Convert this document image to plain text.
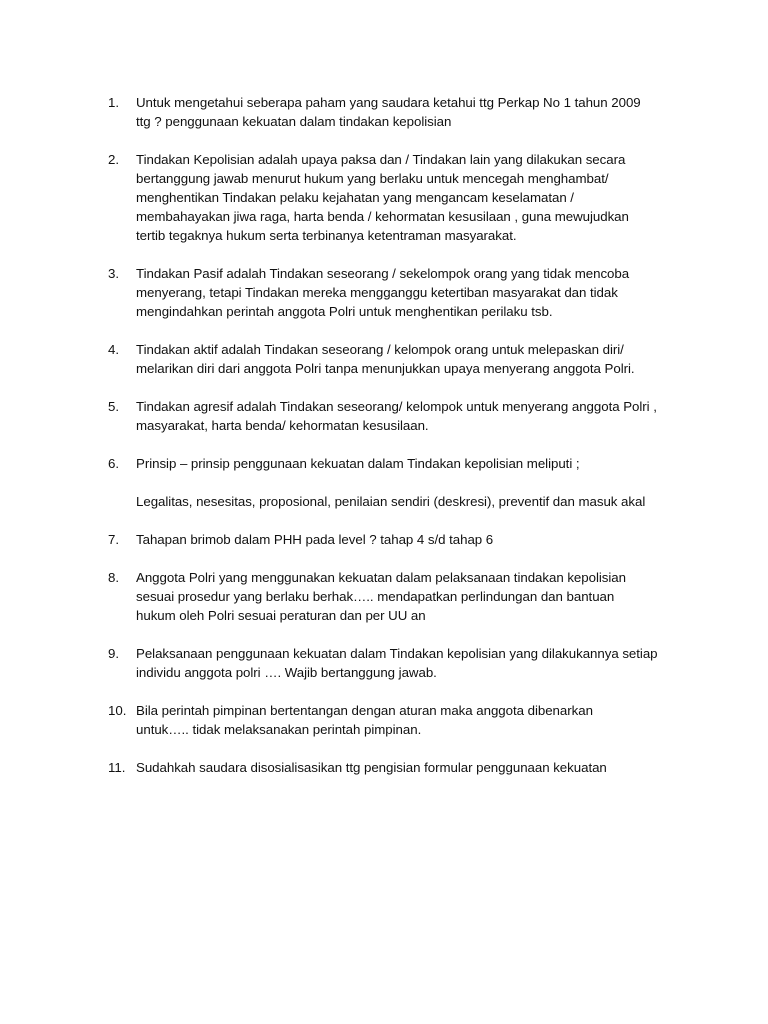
1. Untuk mengetahui seberapa paham yang saudara ketahui ttg Perkap No 1 tahun 2009
ttg ? penggunaan kekuatan dalam tindakan kepolisian
2. Tindakan Kepolisian adalah upaya paksa dan / Tindakan lain yang dilakukan secara
bertanggung jawab menurut hukum yang berlaku untuk mencegah menghambat/
menghentikan Tindakan pelaku kejahatan yang mengancam keselamatan /
membahayakan jiwa raga, harta benda / kehormatan kesusilaan , guna mewujudkan
tertib tegaknya hukum serta terbinanya ketentraman masyarakat.
3. Tindakan Pasif adalah Tindakan seseorang / sekelompok orang yang tidak mencoba
menyerang, tetapi Tindakan mereka mengganggu ketertiban masyarakat dan tidak
mengindahkan perintah anggota Polri untuk menghentikan perilaku tsb.
4. Tindakan aktif adalah Tindakan seseorang / kelompok orang untuk melepaskan diri/
melarikan diri dari anggota Polri tanpa menunjukkan upaya menyerang anggota Polri.
5. Tindakan agresif adalah Tindakan seseorang/ kelompok untuk menyerang anggota Polri ,
masyarakat, harta benda/ kehormatan kesusilaan.
6. Prinsip – prinsip penggunaan kekuatan dalam Tindakan kepolisian meliputi ;
Legalitas, nesesitas, proposional, penilaian sendiri (deskresi), preventif dan masuk akal
7. Tahapan brimob dalam PHH pada level ? tahap 4 s/d tahap 6
8. Anggota Polri yang menggunakan kekuatan dalam pelaksanaan tindakan kepolisian
sesuai prosedur yang berlaku berhak….. mendapatkan perlindungan dan bantuan
hukum oleh Polri sesuai peraturan dan per UU an
9. Pelaksanaan penggunaan kekuatan dalam Tindakan kepolisian yang dilakukannya setiap
individu anggota polri …. Wajib bertanggung jawab.
10. Bila perintah pimpinan bertentangan dengan aturan maka anggota dibenarkan
untuk….. tidak melaksanakan perintah pimpinan.
11. Sudahkah saudara disosialisasikan ttg pengisian formular penggunaan kekuatan
